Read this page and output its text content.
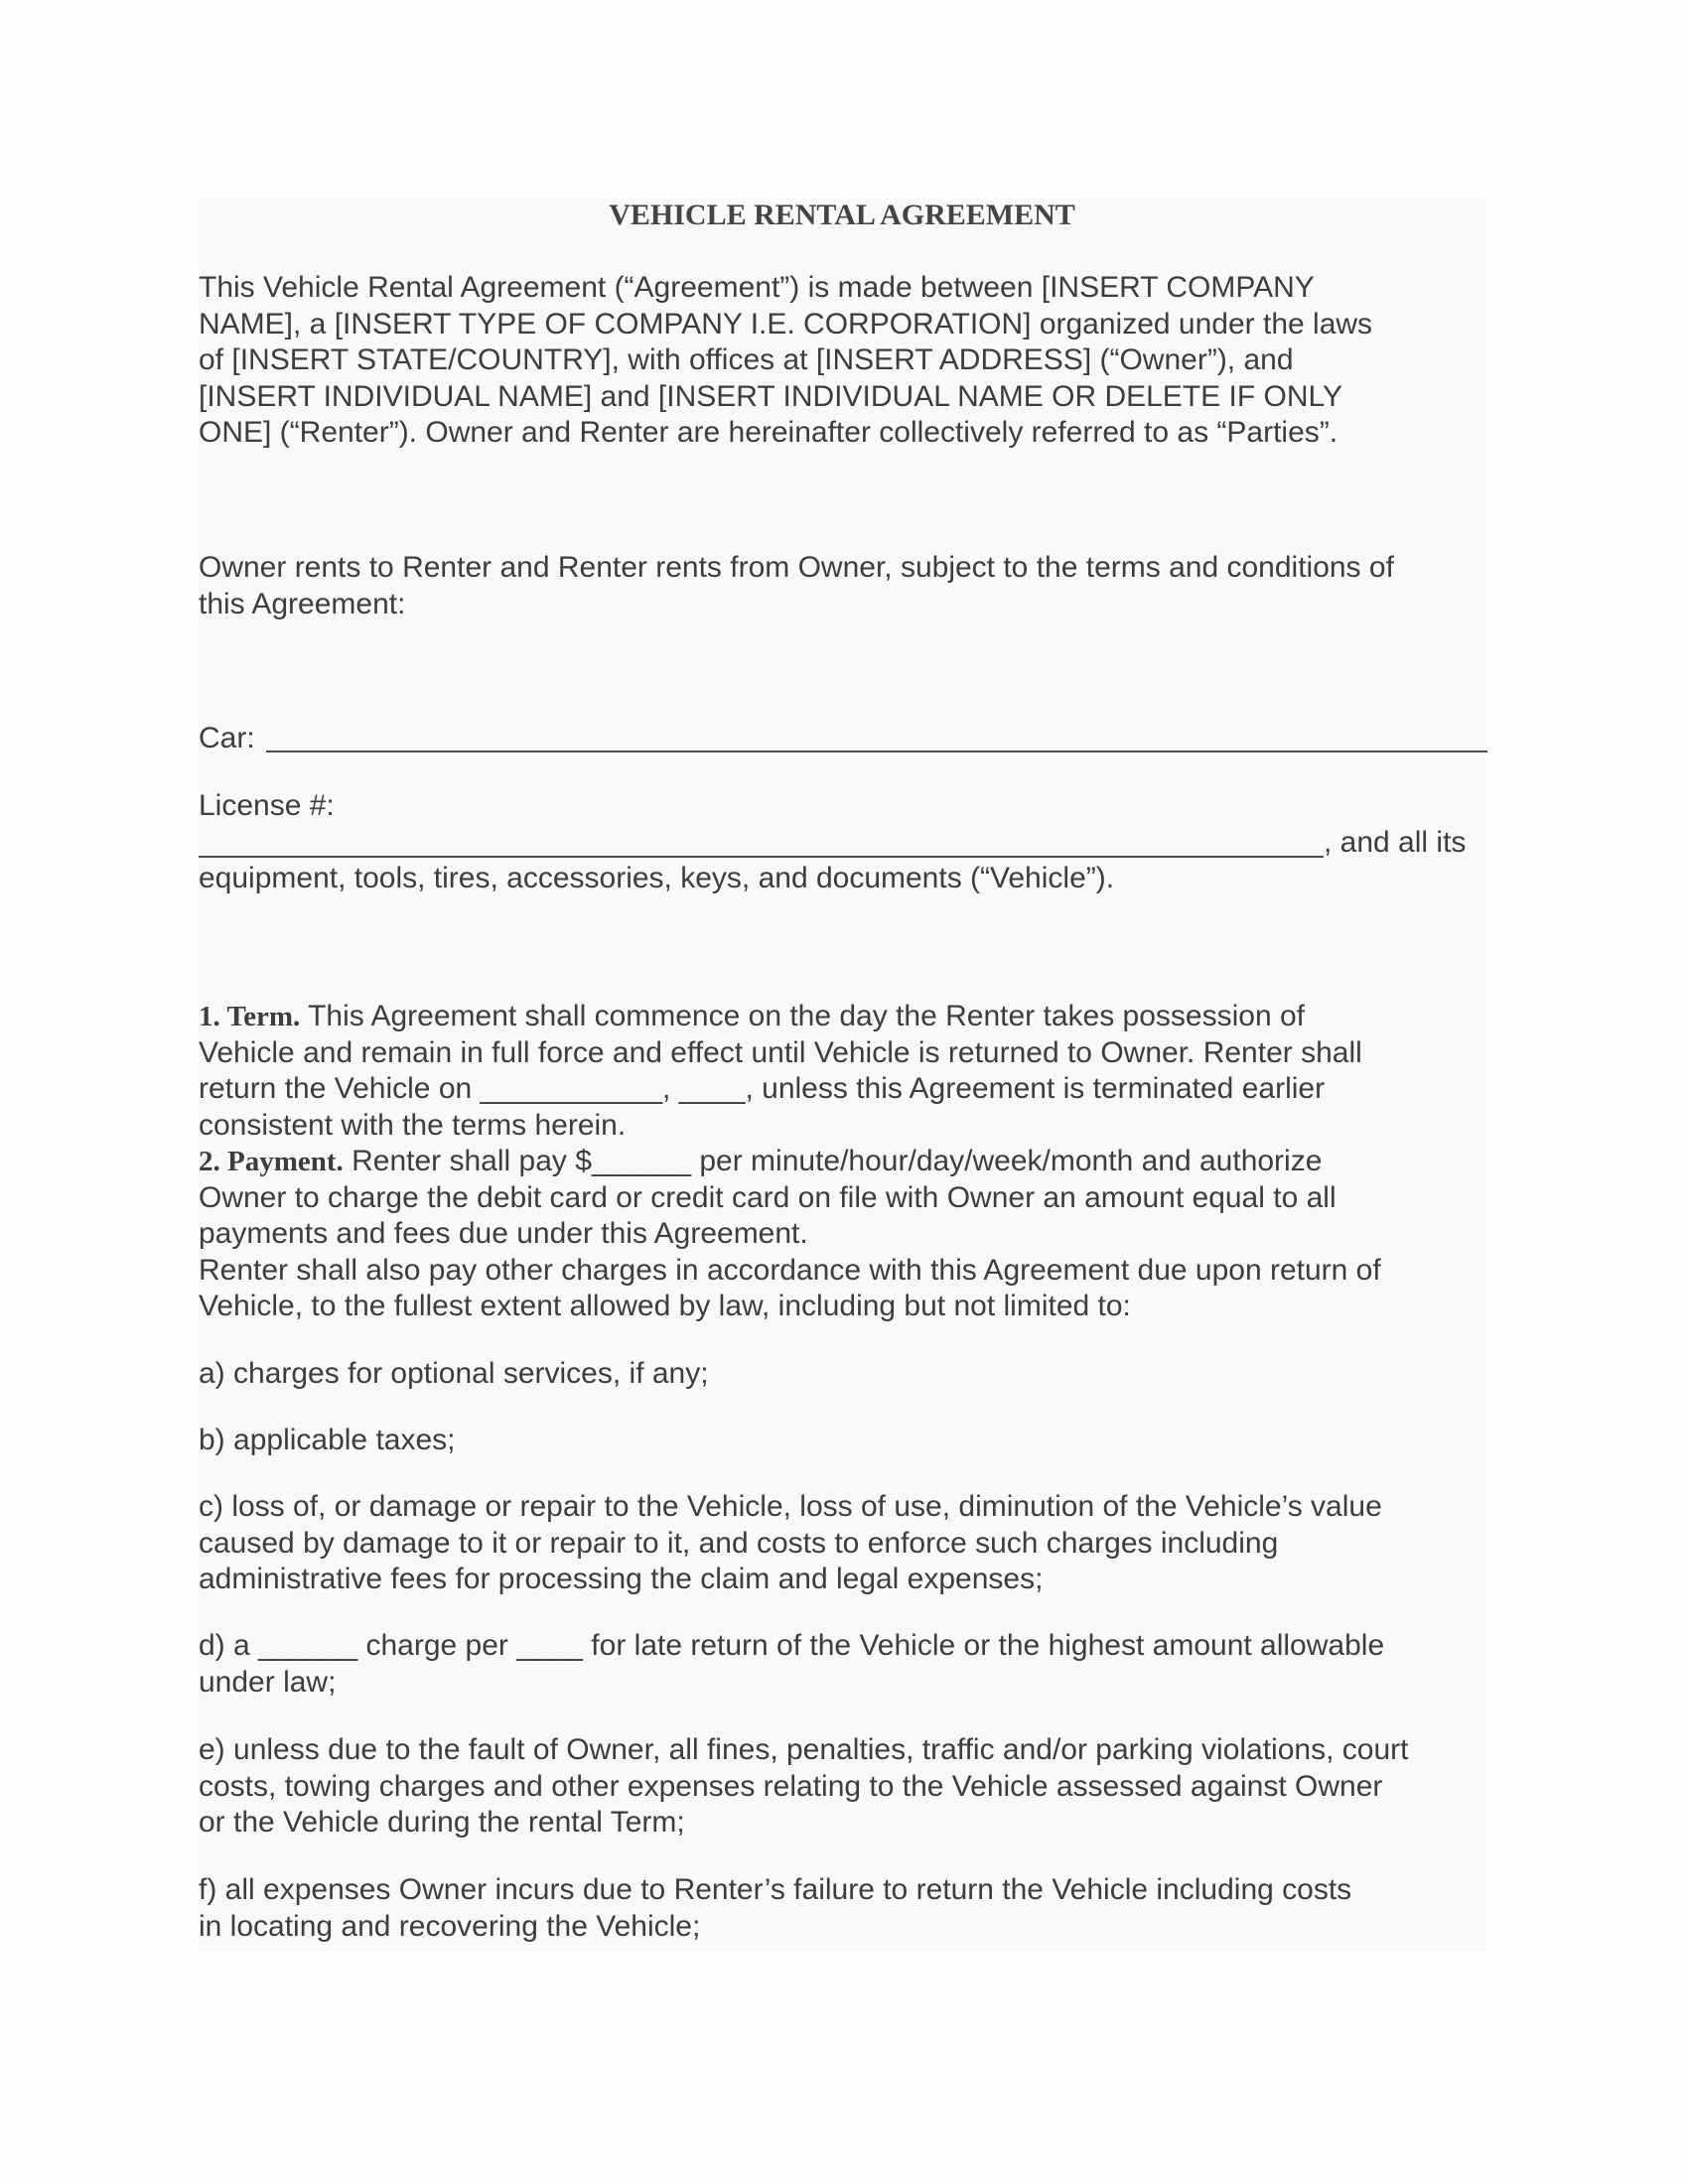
VEHICLE RENTAL AGREEMENT
This Vehicle Rental Agreement (“Agreement”) is made between [INSERT COMPANY
NAME], a [INSERT TYPE OF COMPANY I.E. CORPORATION] organized under the laws
of [INSERT STATE/COUNTRY], with offices at [INSERT ADDRESS] (“Owner”), and
[INSERT INDIVIDUAL NAME] and [INSERT INDIVIDUAL NAME OR DELETE IF ONLY
ONE] (“Renter”). Owner and Renter are hereinafter collectively referred to as “Parties”.
Owner rents to Renter and Renter rents from Owner, subject to the terms and conditions of
this Agreement:
Car:
License #:
, and all its
equipment, tools, tires, accessories, keys, and documents (“Vehicle”).
1. Term. This Agreement shall commence on the day the Renter takes possession of
Vehicle and remain in full force and effect until Vehicle is returned to Owner. Renter shall
return the Vehicle on ___________, ____, unless this Agreement is terminated earlier
consistent with the terms herein.
2. Payment. Renter shall pay $______ per minute/hour/day/week/month and authorize
Owner to charge the debit card or credit card on file with Owner an amount equal to all
payments and fees due under this Agreement.
Renter shall also pay other charges in accordance with this Agreement due upon return of
Vehicle, to the fullest extent allowed by law, including but not limited to:
a) charges for optional services, if any;
b) applicable taxes;
c) loss of, or damage or repair to the Vehicle, loss of use, diminution of the Vehicle’s value
caused by damage to it or repair to it, and costs to enforce such charges including
administrative fees for processing the claim and legal expenses;
d) a ______ charge per ____ for late return of the Vehicle or the highest amount allowable
under law;
e) unless due to the fault of Owner, all fines, penalties, traffic and/or parking violations, court
costs, towing charges and other expenses relating to the Vehicle assessed against Owner
or the Vehicle during the rental Term;
f) all expenses Owner incurs due to Renter’s failure to return the Vehicle including costs
in locating and recovering the Vehicle;
